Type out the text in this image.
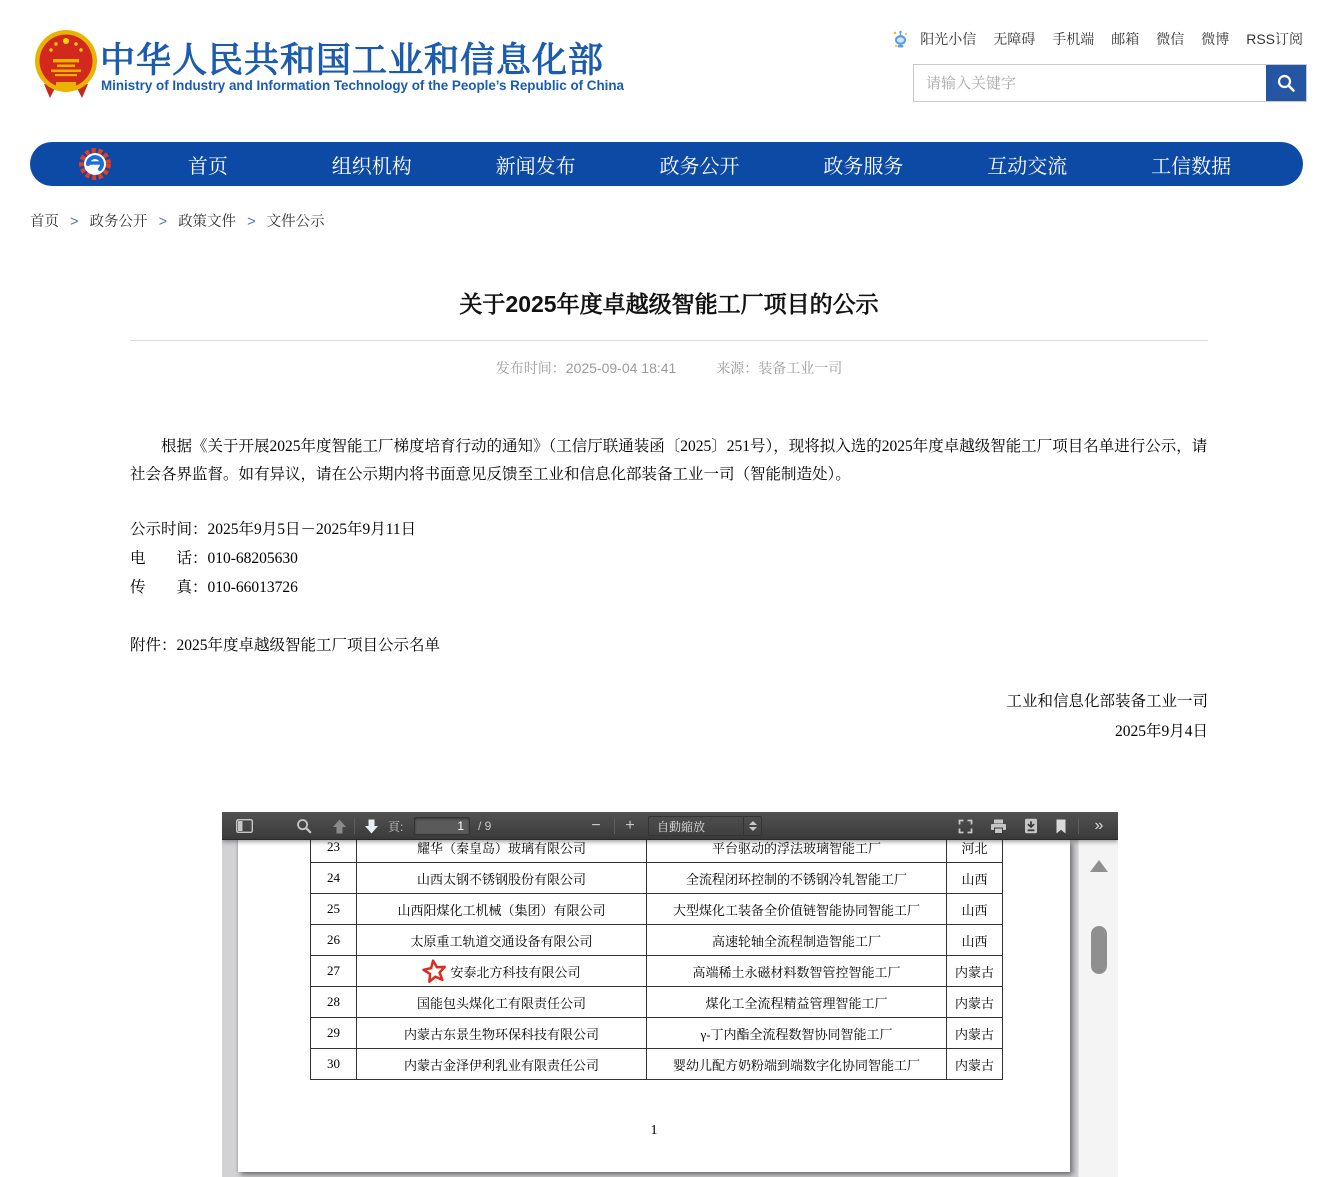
阳光小信 无障碍 手机端 邮箱 微信 微博 RSS订阅
请输入关键字
中华人民共和国工业和信息化部
Ministry of Industry and Information Technology of the People’s Republic of China
首页	组织机构	新闻发布	政务公开	政务服务	互动交流	工信数据
首页 > 政务公开 > 政策文件 > 文件公示
关于2025年度卓越级智能工厂项目的公示
发布时间：2025-09-04 18:41	来源：装备工业一司

根据《关于开展2025年度智能工厂梯度培育行动的通知》（工信厅联通装函〔2025〕251号），现将拟入选的2025年度卓越级智能工厂项目名单进行公示，请社会各界监督。如有异议，请在公示期内将书面意见反馈至工业和信息化部装备工业一司（智能制造处）。

公示时间：2025年9月5日－2025年9月11日
电　　话：010-68205630
传　　真：010-66013726
附件：2025年度卓越级智能工厂项目公示名单
工业和信息化部装备工业一司
2025年9月4日
頁:
1	/ 9	−	+	自動縮放	»
23	耀华（秦皇岛）玻璃有限公司	平台驱动的浮法玻璃智能工厂	河北
24	山西太钢不锈钢股份有限公司	全流程闭环控制的不锈钢冷轧智能工厂	山西
25	山西阳煤化工机械（集团）有限公司	大型煤化工装备全价值链智能协同智能工厂	山西
26	太原重工轨道交通设备有限公司	高速轮轴全流程制造智能工厂	山西
27	安泰北方科技有限公司	高端稀土永磁材料数智管控智能工厂	内蒙古
28	国能包头煤化工有限责任公司	煤化工全流程精益管理智能工厂	内蒙古
29	内蒙古东景生物环保科技有限公司	γ-丁内酯全流程数智协同智能工厂	内蒙古
30	内蒙古金泽伊利乳业有限责任公司	婴幼儿配方奶粉端到端数字化协同智能工厂	内蒙古
1
